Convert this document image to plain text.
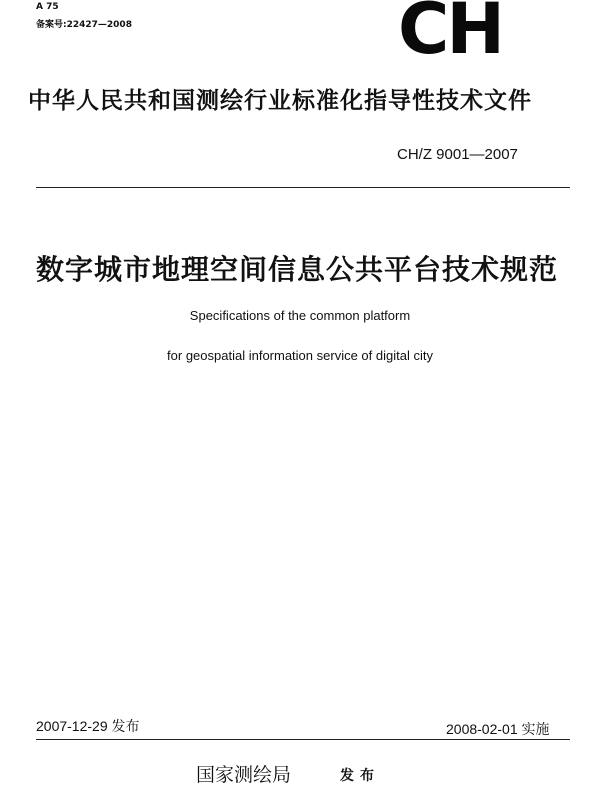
A 75
备案号:22427—2008	CH
中华人民共和国测绘行业标准化指导性技术文件
CH/Z 9001—2007
数字城市地理空间信息公共平台技术规范
Specifications of the common platform
for geospatial information service of digital city
2007-12-29 发布	2008-02-01 实施
国家测绘局	发布
